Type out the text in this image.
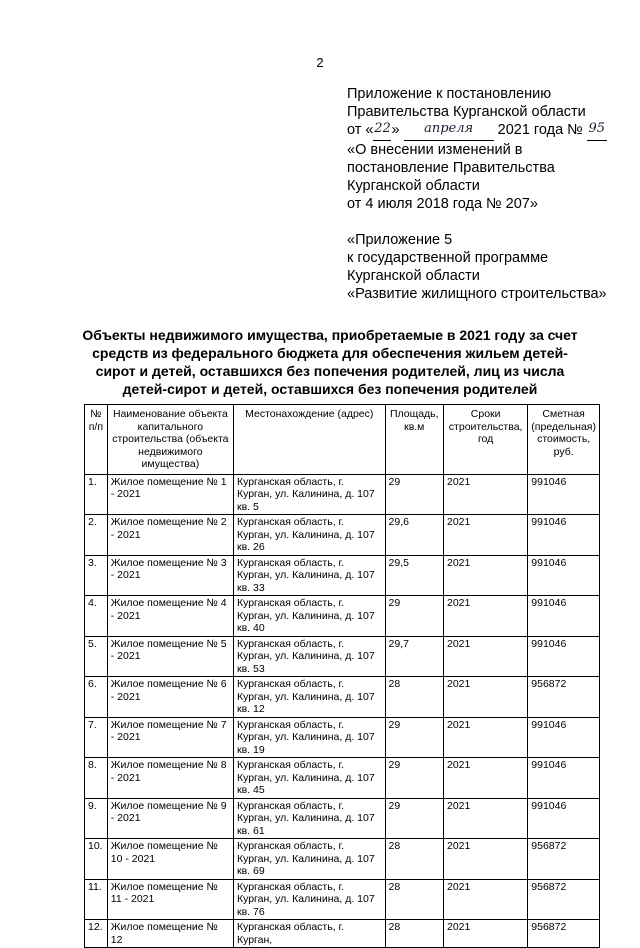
2
Приложение к постановлению
Правительства Курганской области
от «22» апреля 2021 года № 95
«О внесении изменений в
постановление Правительства
Курганской области
от 4 июля 2018 года № 207»
«Приложение 5
к государственной программе
Курганской области
«Развитие жилищного строительства»
Объекты недвижимого имущества, приобретаемые в 2021 году за счет средств из федерального бюджета для обеспечения жильем детей-сирот и детей, оставшихся без попечения родителей, лиц из числа детей-сирот и детей, оставшихся без попечения родителей
№ п/п	Наименование объекта капитального строительства (объекта недвижимого имущества)	Местонахождение (адрес)	Площадь, кв.м	Сроки строительства, год	Сметная (предельная) стоимость, руб.
1.	Жилое помещение № 1 - 2021	Курганская область, г. Курган, ул. Калинина, д. 107 кв. 5	29	2021	991046
2.	Жилое помещение № 2 - 2021	Курганская область, г. Курган, ул. Калинина, д. 107 кв. 26	29,6	2021	991046
3.	Жилое помещение № 3 - 2021	Курганская область, г. Курган, ул. Калинина, д. 107 кв. 33	29,5	2021	991046
4.	Жилое помещение № 4 - 2021	Курганская область, г. Курган, ул. Калинина, д. 107 кв. 40	29	2021	991046
5.	Жилое помещение № 5 - 2021	Курганская область, г. Курган, ул. Калинина, д. 107 кв. 53	29,7	2021	991046
6.	Жилое помещение № 6 - 2021	Курганская область, г. Курган, ул. Калинина, д. 107 кв. 12	28	2021	956872
7.	Жилое помещение № 7 - 2021	Курганская область, г. Курган, ул. Калинина, д. 107 кв. 19	29	2021	991046
8.	Жилое помещение № 8 - 2021	Курганская область, г. Курган, ул. Калинина, д. 107 кв. 45	29	2021	991046
9.	Жилое помещение № 9 - 2021	Курганская область, г. Курган, ул. Калинина, д. 107 кв. 61	29	2021	991046
10.	Жилое помещение № 10 - 2021	Курганская область, г. Курган, ул. Калинина, д. 107 кв. 69	28	2021	956872
11.	Жилое помещение № 11 - 2021	Курганская область, г. Курган, ул. Калинина, д. 107 кв. 76	28	2021	956872
12.	Жилое помещение № 12	Курганская область, г. Курган,	28	2021	956872
